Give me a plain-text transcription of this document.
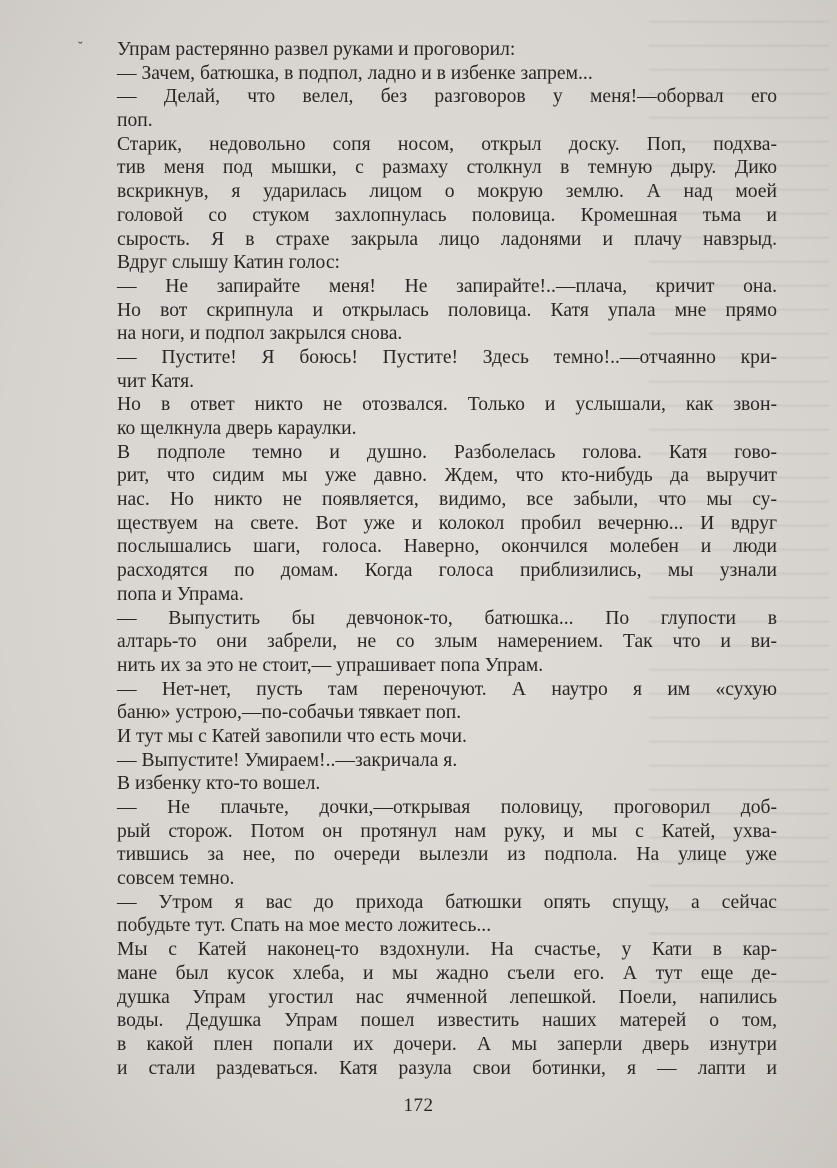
˘ Упрам растерянно развел руками и проговорил:
— Зачем, батюшка, в подпол, ладно и в избенке запрем...
— Делай, что велел, без разговоров у меня!—оборвал его
поп.
Старик, недовольно сопя носом, открыл доску. Поп, подхва-
тив меня под мышки, с размаху столкнул в темную дыру. Дико
вскрикнув, я ударилась лицом о мокрую землю. А над моей
головой со стуком захлопнулась половица. Кромешная тьма и
сырость. Я в страхе закрыла лицо ладонями и плачу навзрыд.
Вдруг слышу Катин голос:
— Не запирайте меня! Не запирайте!..—плача, кричит она.
Но вот скрипнула и открылась половица. Катя упала мне прямо
на ноги, и подпол закрылся снова.
— Пустите! Я боюсь! Пустите! Здесь темно!..—отчаянно кри-
чит Катя.
Но в ответ никто не отозвался. Только и услышали, как звон-
ко щелкнула дверь караулки.
В подполе темно и душно. Разболелась голова. Катя гово-
рит, что сидим мы уже давно. Ждем, что кто-нибудь да выручит
нас. Но никто не появляется, видимо, все забыли, что мы су-
ществуем на свете. Вот уже и колокол пробил вечерню... И вдруг
послышались шаги, голоса. Наверно, окончился молебен и люди
расходятся по домам. Когда голоса приблизились, мы узнали
попа и Упрама.
— Выпустить бы девчонок-то, батюшка... По глупости в
алтарь-то они забрели, не со злым намерением. Так что и ви-
нить их за это не стоит,— упрашивает попа Упрам.
— Нет-нет, пусть там переночуют. А наутро я им «сухую
баню» устрою,—по-собачьи тявкает поп.
И тут мы с Катей завопили что есть мочи.
— Выпустите! Умираем!..—закричала я.
В избенку кто-то вошел.
— Не плачьте, дочки,—открывая половицу, проговорил доб-
рый сторож. Потом он протянул нам руку, и мы с Катей, ухва-
тившись за нее, по очереди вылезли из подпола. На улице уже
совсем темно.
— Утром я вас до прихода батюшки опять спущу, а сейчас
побудьте тут. Спать на мое место ложитесь...
Мы с Катей наконец-то вздохнули. На счастье, у Кати в кар-
мане был кусок хлеба, и мы жадно съели его. А тут еще де-
душка Упрам угостил нас ячменной лепешкой. Поели, напились
воды. Дедушка Упрам пошел известить наших матерей о том,
в какой плен попали их дочери. А мы заперли дверь изнутри
и стали раздеваться. Катя разула свои ботинки, я — лапти и
172
